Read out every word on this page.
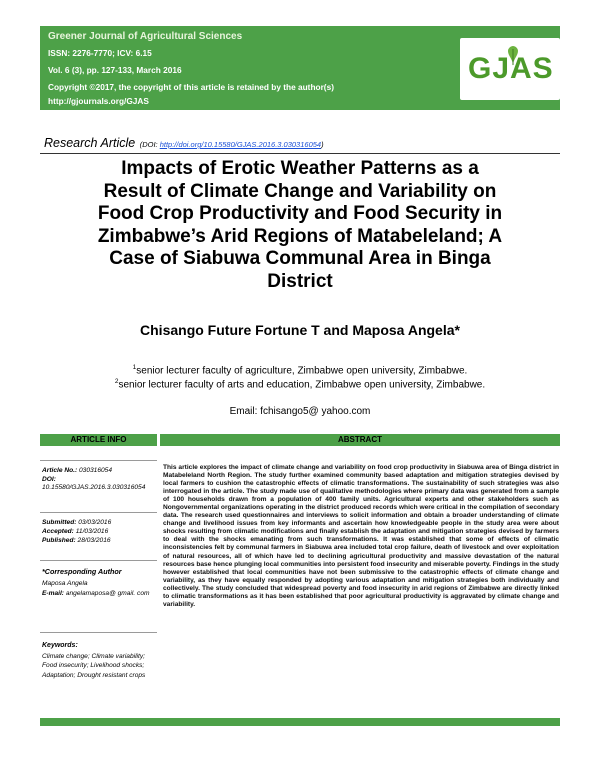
Greener Journal of Agricultural Sciences
ISSN: 2276-7770; ICV: 6.15
Vol. 6 (3), pp. 127-133, March 2016
Copyright ©2017, the copyright of this article is retained by the author(s)
http://gjournals.org/GJAS
GJAS
Research Article (DOI: http://doi.org/10.15580/GJAS.2016.3.030316054)
Impacts of Erotic Weather Patterns as a
Result of Climate Change and Variability on
Food Crop Productivity and Food Security in
Zimbabwe’s Arid Regions of Matabeleland; A
Case of Siabuwa Communal Area in Binga
District
Chisango Future Fortune T and Maposa Angela*
$^1$senior lecturer faculty of agriculture, Zimbabwe open university, Zimbabwe.
$^2$senior lecturer faculty of arts and education, Zimbabwe open university, Zimbabwe.
Email: fchisango5@ yahoo.com
ARTICLE INFO	ABSTRACT
Article No.: 030316054
DOI: 10.15580/GJAS.2016.3.030316054
Submitted: 03/03/2016
Accepted: 11/03/2016
Published: 28/03/2016
*Corresponding Author
Maposa Angela
E-mail: angelamaposa@ gmail. com
Keywords:
Climate change; Climate variability; Food insecurity; Livelihood shocks; Adaptation; Drought resistant crops
This article explores the impact of climate change and variability on food crop productivity in Siabuwa area of Binga district in Matabeleland North Region. The study further examined community based adaptation and mitigation strategies devised by local farmers to cushion the catastrophic effects of climatic transformations. The sustainability of such strategies was also interrogated in the article. The study made use of qualitative methodologies where primary data was generated from a sample of 100 households drawn from a population of 400 family units. Agricultural experts and other stakeholders such as Nongovernmental organizations operating in the district produced records which were critical in the compilation of secondary data. The research used questionnaires and interviews to solicit information and obtain a broader understanding of climate change and livelihood issues from key informants and ascertain how knowledgeable people in the study area were about shocks resulting from climatic modifications and finally establish the adaptation and mitigation strategies devised by farmers to deal with the shocks emanating from such transformations. It was established that some of effects of climatic inconsistencies felt by communal farmers in Siabuwa area included total crop failure, death of livestock and over exploitation of natural resources, all of which have led to declining agricultural productivity and massive devastation of the natural resources base hence plunging local communities into persistent food insecurity and miserable poverty. Findings in the study however established that local communities have not been submissive to the catastrophic effects of climate change and variability, as they have equally responded by adopting various adaptation and mitigation strategies both individually and collectively. The study concluded that widespread poverty and food insecurity in arid regions of Zimbabwe are directly linked to climatic transformations as it has been established that poor agricultural productivity is aggravated by climate change and variability.
